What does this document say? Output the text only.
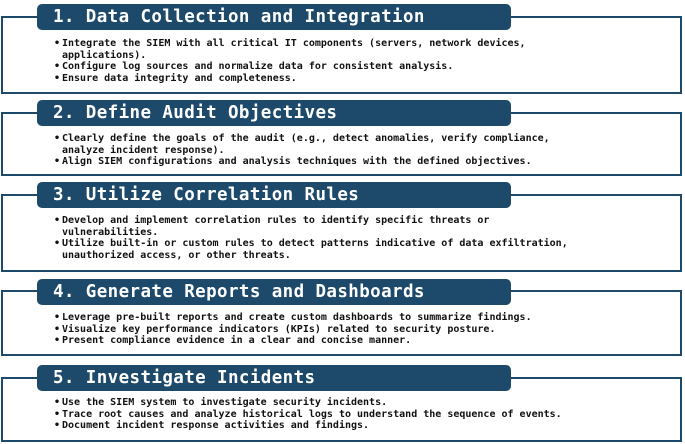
1. Data Collection and Integration
• Integrate the SIEM with all critical IT components (servers, network devices,
applications).
• Configure log sources and normalize data for consistent analysis.
• Ensure data integrity and completeness.
2. Define Audit Objectives
• Clearly define the goals of the audit (e.g., detect anomalies, verify compliance,
analyze incident response).
• Align SIEM configurations and analysis techniques with the defined objectives.
3. Utilize Correlation Rules
• Develop and implement correlation rules to identify specific threats or
vulnerabilities.
• Utilize built-in or custom rules to detect patterns indicative of data exfiltration,
unauthorized access, or other threats.
4. Generate Reports and Dashboards
• Leverage pre-built reports and create custom dashboards to summarize findings.
• Visualize key performance indicators (KPIs) related to security posture.
• Present compliance evidence in a clear and concise manner.
5. Investigate Incidents
• Use the SIEM system to investigate security incidents.
• Trace root causes and analyze historical logs to understand the sequence of events.
• Document incident response activities and findings.
